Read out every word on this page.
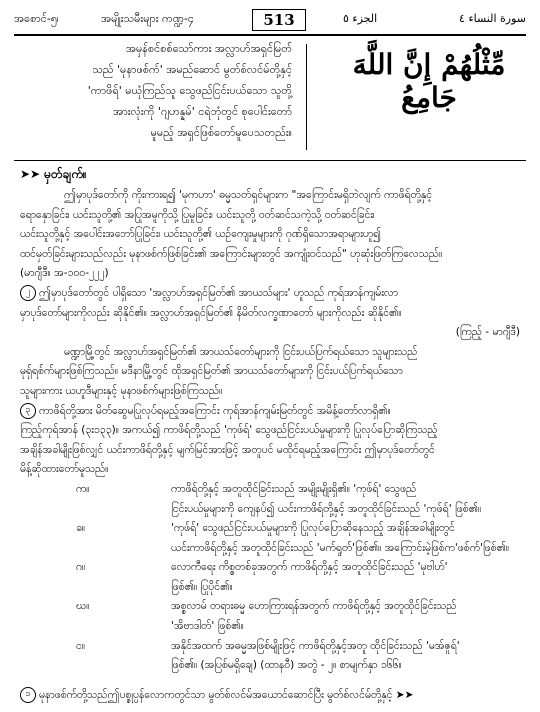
အစောင်-၅၊	အမျိုးသမီးများ ကဏ္ဍ-၄	513	الجزء ٥	سورة النساء ٤
အမှန်စင်စစ်သော်ကား အလ္လာဟ်အရှင်မြတ်
သည် 'မုနာဖစ်က်' အမည်ဆောင် မွတ်စ်လင်မ်တို့နှင့်
'ကာဖိရ်' မယုံကြည်သူ သွေဖည်ငြင်းပယ်သော သူတို့
အားလုံးကို 'ဂျဟန္နမ်' ငရဲဘုံတွင် စုပေါင်းတော်
မူမည့် အရှင်ဖြစ်တော်မူပေသတည်း။
مِّثْلُهُمْ إِنَّ اللَّهَ جَامِعُ
➤➤ မှတ်ချက်။
ဤမှာပုဒ်တော်ကို ကိုးကားရ၍ 'မုကဟာ' ဓမ္မသတ်ရှင်များက "အကြောင်းမရှိဘဲလျက် ကာဖိရ်တို့နှင့်
ရောနှောခြင်း၊ ယင်းသူတို့၏ အပြုအမူကိုသို့ ပြုမူခြင်း၊ ယင်းသူတို့ ဝတ်ဆင်သကဲ့သို့ ဝတ်ဆင်ခြင်း၊
ယင်းသူတို့နှင့် အပေါင်းအဘော်ပြုခြင်း၊ ယင်းသူတို့၏ ယဉ်ကျေးမှုများကို ဂုဏ်ရှိသောအရာများဟူ၍
ထင်မှတ်ခြင်းများသည်လည်း မုနာဖစ်က်ဖြစ်ခြင်း၏ အကြောင်းများတွင် အကျုံးဝင်သည်" ဟုဆုံးဖြတ်ကြလေသည်။
(မာဂျီဒီ။ အ-၁၀၀-၂၂၂)
၂ ဤမှာပုဒ်တော်တွင် ပါရှိသော 'အလ္လာဟ်အရှင်မြတ်၏ အာယသ်များ' ဟူသည် ကုရ်အာန်ကျမ်းလာ
မှာပုဒ်တော်များကိုလည်း ဆိုနိုင်၏။ အလ္လာဟ်အရှင်မြတ်၏ နိမိတ်လက္ခဏာတော် များကိုလည်း ဆိုနိုင်၏။
(ကြည့် - မာဂျီဒီ)
မဏ္ဍာမြို့တွင် အလ္လာဟ်အရှင်မြတ်၏ အာယသ်တော်များကို ငြင်းပယ်ပြက်ရယ်သော သူများသည်
မုရှ်ရစ်က်များဖြစ်ကြသည်။ မဒီနာမြို့တွင် ထိုအရှင်မြတ်၏ အာယသ်တော်များကို ငြင်းပယ်ပြက်ရယ်သော
သူများကား ယဟူဒီများနှင့် မုနာဖစ်က်များဖြစ်ကြသည်။
၃ ကာဖိရ်တို့အား မိတ်ဆွေမပြုလုပ်ရမည့်အကြောင်း ကုရ်အာန်ကျမ်းမြတ်တွင် အမိန့်တော်လာရှိ၏။
ကြည့်ကုရ်အာန် (၃း၁၃၃)။ အကယ်၍ ကာဖိရ်တို့သည် 'ကုဖ်ရ်' သွေဖည်ငြင်းပယ်မှုများကို ပြုလုပ်ပြောဆိုကြသည့်
အချိန်အခါမျိုးဖြစ်လျှင် ယင်းကာဖိရ်တို့နှင့် မျက်မြင်အားဖြင့် အတူပင် မထိုင်ရမည့်အကြောင်း ဤမှာပုဒ်တော်တွင်
မိန့်ဆိုထားတော်မူသည်။
က။	ကာဖိရ်တို့နှင့် အတူထိုင်ခြင်းသည် အမျိုးမျိုးရှိ၏။ 'ကုဖ်ရ်' သွေဖည်
ငြင်းပယ်မှုများကို ကျေနပ်၍ ယင်းကာဖိရ်တို့နှင့် အတူထိုင်ခြင်းသည် 'ကုဖ်ရ်' ဖြစ်၏။
ခ။	'ကုဖ်ရ်' သွေဖည်ငြင်းပယ်မှုများကို ပြုလုပ်ပြောဆိုနေသည့် အချိန်အခါမျိုးတွင်
ယင်းကာဖိရ်တို့နှင့် အတူထိုင်ခြင်းသည် 'မက်ရှုတ်'ဖြစ်၏။ အကြောင်းမဲ့ဖြစ်က'ဖစ်က်'ဖြစ်၏။
ဂ။	လောကီရေး ကိစ္စတစ်ခုအတွက် ကာဖိရ်တို့နှင့် အတူထိုင်ခြင်းသည် 'မုဗါဟ်'
ဖြစ်၏။ ပြုပိုင်၏။
ဃ။	အစ္စလာမ် တရားဓမ္မ ဟောကြားရန်အတွက် ကာဖိရ်တို့နှင့် အတူထိုင်ခြင်းသည်
'အိဗာဒါတ်' ဖြစ်၏။
င။	အနိုင်အထက် အဓမ္မအဖြစ်မျိုးဖြင့် ကာဖိရ်တို့နှင့်အတူ ထိုင်ခြင်းသည် 'မအ်ဇူရ်'
ဖြစ်၏။ (အပြစ်မရှိချေ) (ထာနဝီ) အတွဲ - ၂။ စာမျက်နှာ ၁၆၆။
၁ မုနာဖစ်က်တို့သည်ဤပစ္စုပ္ပန်လောကတွင်သာ မွတ်စ်လင်မ်အယောင်ဆောင်ပြီး မွတ်စ်လင်မ်တို့နှင့် ➤➤
